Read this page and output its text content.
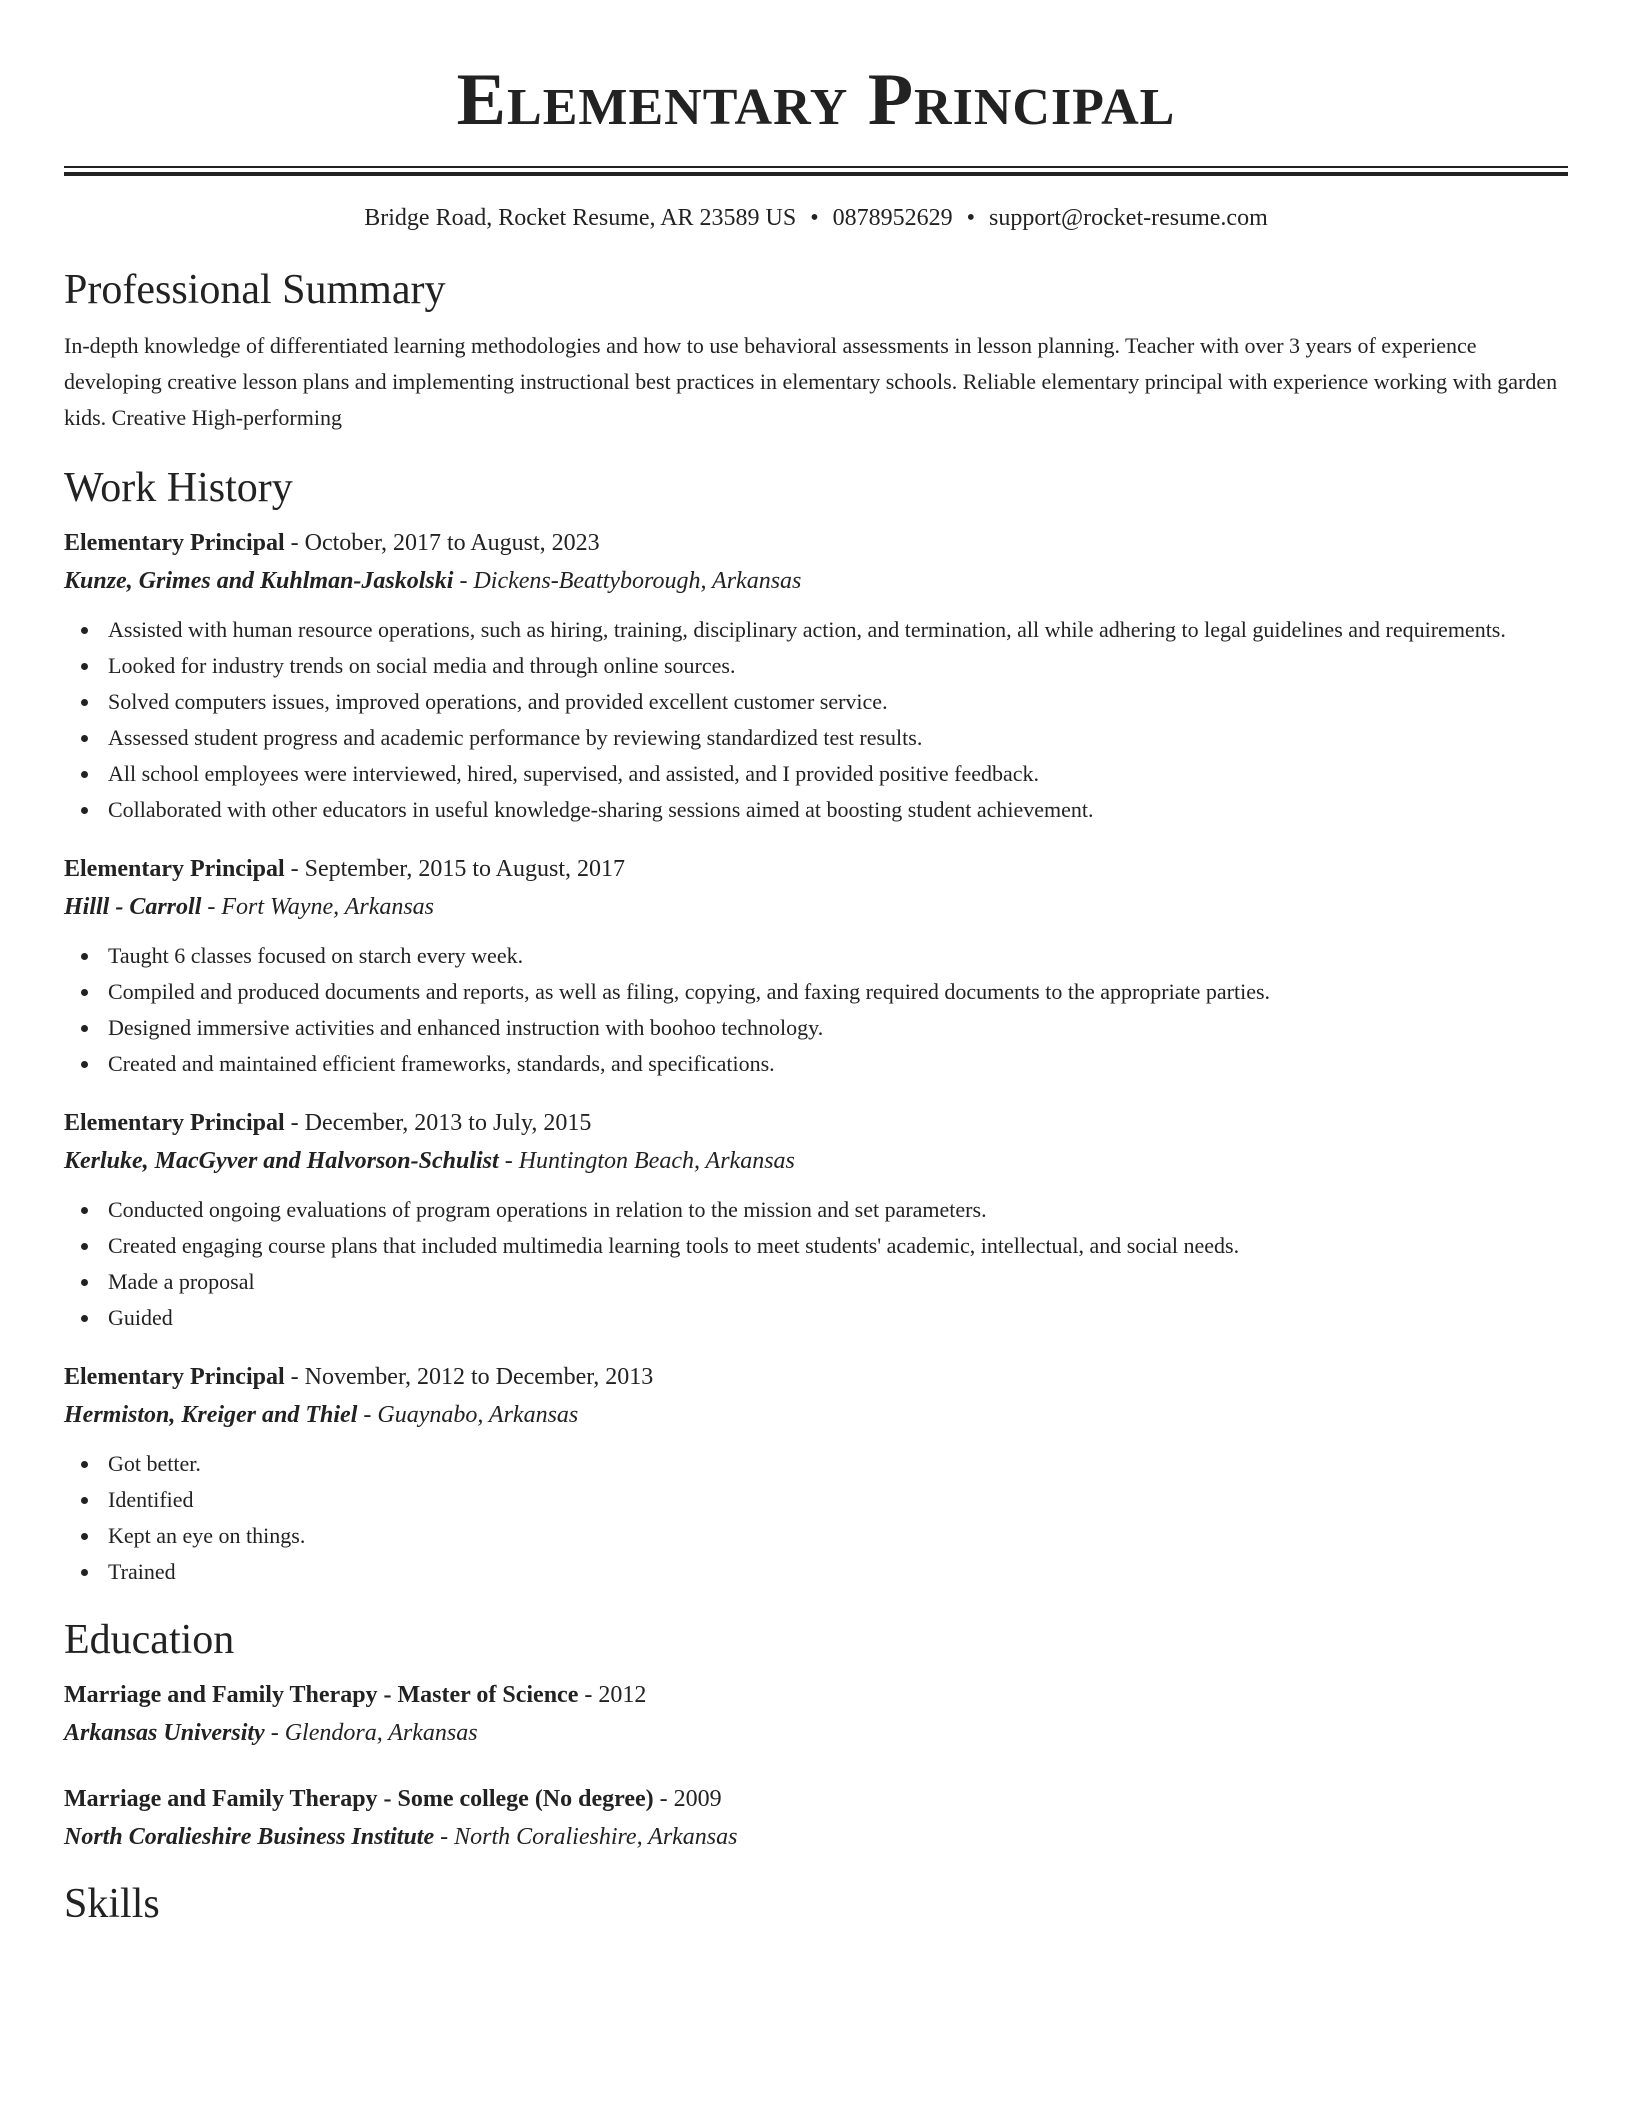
Elementary Principal
Bridge Road, Rocket Resume, AR 23589 US • 0878952629 • support@rocket-resume.com
Professional Summary
In-depth knowledge of differentiated learning methodologies and how to use behavioral assessments in lesson planning. Teacher with over 3 years of experience developing creative lesson plans and implementing instructional best practices in elementary schools. Reliable elementary principal with experience working with garden kids. Creative High-performing
Work History
Elementary Principal - October, 2017 to August, 2023
Kunze, Grimes and Kuhlman-Jaskolski - Dickens-Beattyborough, Arkansas
Assisted with human resource operations, such as hiring, training, disciplinary action, and termination, all while adhering to legal guidelines and requirements.
Looked for industry trends on social media and through online sources.
Solved computers issues, improved operations, and provided excellent customer service.
Assessed student progress and academic performance by reviewing standardized test results.
All school employees were interviewed, hired, supervised, and assisted, and I provided positive feedback.
Collaborated with other educators in useful knowledge-sharing sessions aimed at boosting student achievement.
Elementary Principal - September, 2015 to August, 2017
Hilll - Carroll - Fort Wayne, Arkansas
Taught 6 classes focused on starch every week.
Compiled and produced documents and reports, as well as filing, copying, and faxing required documents to the appropriate parties.
Designed immersive activities and enhanced instruction with boohoo technology.
Created and maintained efficient frameworks, standards, and specifications.
Elementary Principal - December, 2013 to July, 2015
Kerluke, MacGyver and Halvorson-Schulist - Huntington Beach, Arkansas
Conducted ongoing evaluations of program operations in relation to the mission and set parameters.
Created engaging course plans that included multimedia learning tools to meet students' academic, intellectual, and social needs.
Made a proposal
Guided
Elementary Principal - November, 2012 to December, 2013
Hermiston, Kreiger and Thiel - Guaynabo, Arkansas
Got better.
Identified
Kept an eye on things.
Trained
Education
Marriage and Family Therapy - Master of Science - 2012
Arkansas University - Glendora, Arkansas
Marriage and Family Therapy - Some college (No degree) - 2009
North Coralieshire Business Institute - North Coralieshire, Arkansas
Skills
